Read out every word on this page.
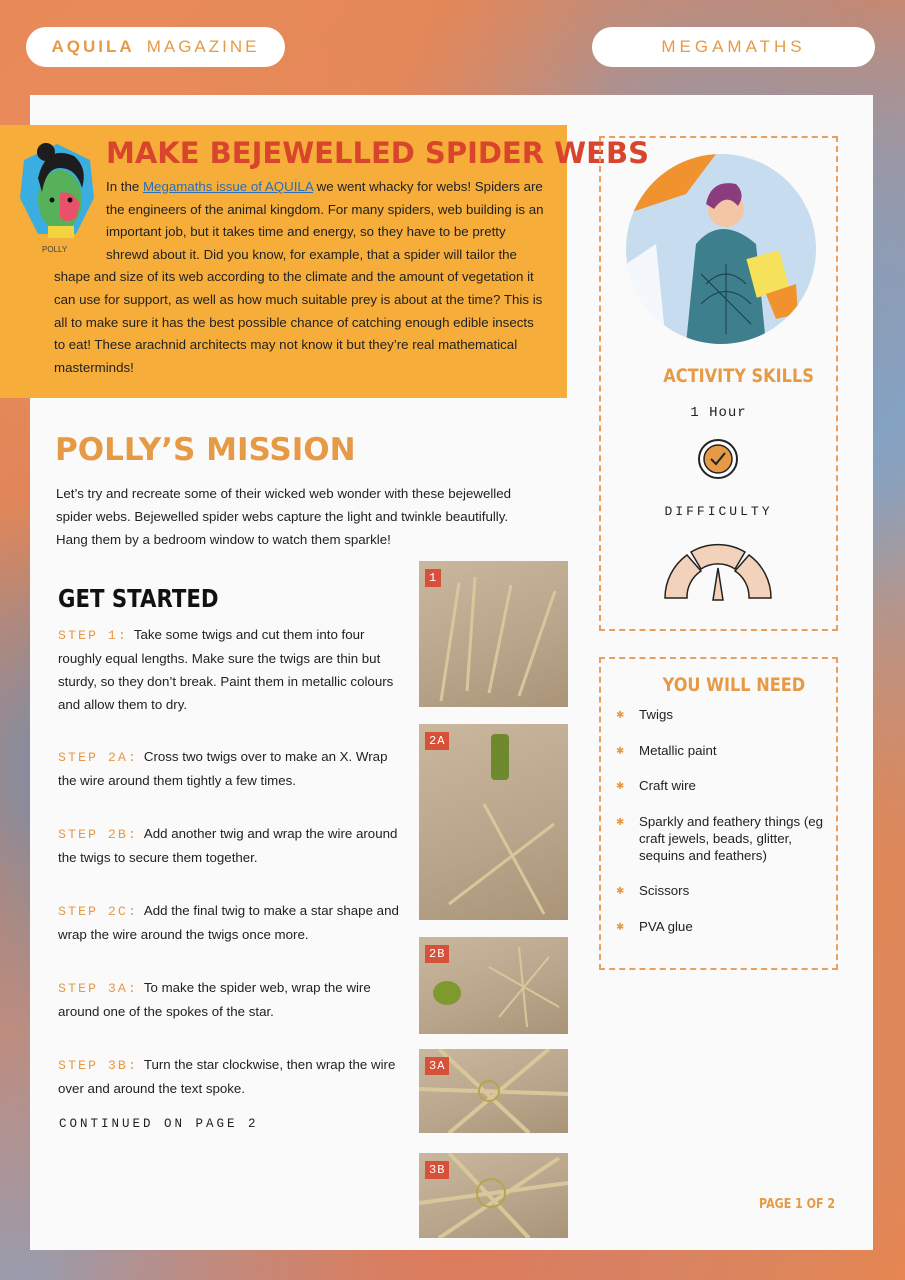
AQUILA MAGAZINE	MEGAMATHS
POLLY
MAKE BEJEWELLED SPIDER WEBS
In the Megamaths issue of AQUILA we went whacky for webs! Spiders are the engineers of the animal kingdom. For many spiders, web building is an important job, but it takes time and energy, so they have to be pretty shrewd about it. Did you know, for example, that a spider will tailor the shape and size of its web according to the climate and the amount of vegetation it can use for support, as well as how much suitable prey is about at the time? This is all to make sure it has the best possible chance of catching enough edible insects to eat! These arachnid architects may not know it but they’re real mathematical masterminds!
POLLY’S MISSION
Let’s try and recreate some of their wicked web wonder with these bejewelled spider webs. Bejewelled spider webs capture the light and twinkle beautifully. Hang them by a bedroom window to watch them sparkle!
GET STARTED
STEP 1: Take some twigs and cut them into four roughly equal lengths. Make sure the twigs are thin but sturdy, so they don’t break. Paint them in metallic colours and allow them to dry.
STEP 2A: Cross two twigs over to make an X. Wrap the wire around them tightly a few times.
STEP 2B: Add another twig and wrap the wire around the twigs to secure them together.
STEP 2C: Add the final twig to make a star shape and wrap the wire around the twigs once more.
STEP 3A: To make the spider web, wrap the wire around one of the spokes of the star.
STEP 3B: Turn the star clockwise, then wrap the wire over and around the text spoke.
CONTINUED ON PAGE 2
1
2A
2B
3A
3B
ACTIVITY SKILLS
1 Hour
DIFFICULTY
YOU WILL NEED
✱ Twigs
✱ Metallic paint
✱ Craft wire
✱ Sparkly and feathery things (eg craft jewels, beads, glitter, sequins and feathers)
✱ Scissors
✱ PVA glue
PAGE 1 OF 2
